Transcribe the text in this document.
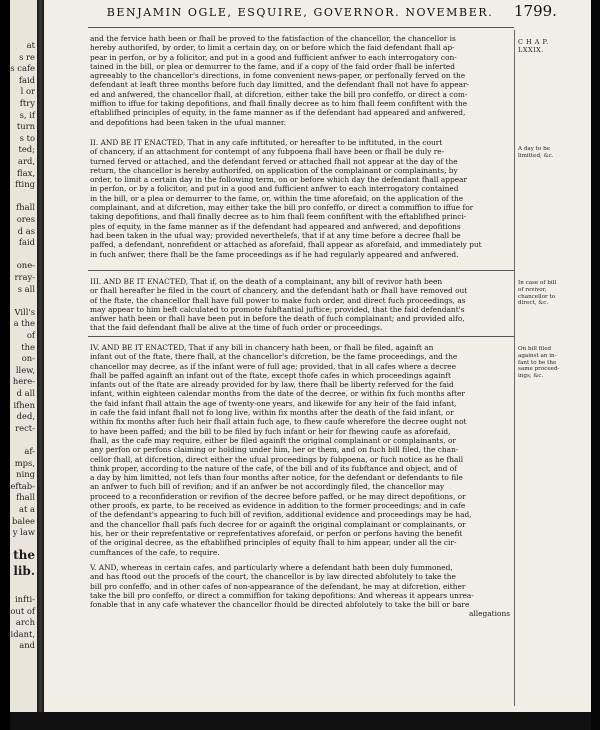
at
s re
s cafe
faid
l or
ftry
s, if
turn
s to
ted;
ard,
flax,
fting
fhall
ores
d as
faid
one-
rray-
s all
Vill's
a the
of
the
on-
llew,
here-
d all
ifhen
ded,
rect-
af-
mps,
ning
eftab-
fhall
at a
balee
y law
the
lib.
infti-
out of
arch
idant,
and
BENJAMIN OGLE, ESQUIRE, GOVERNOR. NOVEMBER.	1799.
and the fervice hath been or fhall be proved to the fatisfaction of the chancellor, the chancellor is
hereby authorifed, by order, to limit a certain day, on or before which the faid defendant fhall ap-
pear in perfon, or by a folicitor, and put in a good and fufficient anfwer to each interrogatory con-
tained in the bill, or plea or demurrer to the fame, and if a copy of the faid order fhall be inferted
agreeably to the chancellor's directions, in fome convenient news-paper, or perfonally ferved on the
defendant at leaft three months before fuch day limitted, and the defendant fhall not have fo appear-
ed and anfwered, the chancellor fhall, at difcretion, either take the bill pro confeffo, or direct a com-
miffion to iffue for taking depofitions, and fhall finally decree as to him fhall feem confiftent with the
eftablifhed principles of equity, in the fame manner as if the defendant had appeared and anfwered,
and depofitions had been taken in the ufual manner.
II. AND BE IT ENACTED, That in any cafe inftituted, or hereafter to be inftituted, in the court
of chancery, if an attachment for contempt of any fubpoena fhall have been or fhall be duly re-
turned ferved or attached, and the defendant ferved or attached fhall not appear at the day of the
return, the chancellor is hereby authorifed, on application of the complainant or complainants, by
order, to limit a certain day in the following term, on or before which day the defendant fhall appear
in perfon, or by a folicitor, and put in a good and fufficient anfwer to each interrogatory contained
in the bill, or a plea or demurrer to the fame, or, within the time aforefaid, on the application of the
complainant, and at difcretion, may either take the bill pro confeffo, or direct a commiffion to iffue for
taking depofitions, and fhall finally decree as to him fhall feem confiftent with the eftablifhed princi-
ples of equity, in the fame manner as if the defendant had appeared and anfwered, and depofitions
had been taken in the ufual way; provided neverthelefs, that if at any time before a decree fhall be
paffed, a defendant, nonrefident or attached as aforefaid, fhall appear as aforefaid, and immediately put
in fuch anfwer, there fhall be the fame proceedings as if he had regularly appeared and anfwered.
III. AND BE IT ENACTED, That if, on the death of a complainant, any bill of revivor hath been
or fhall hereafter be filed in the court of chancery, and the defendant hath or fhall have removed out
of the ftate, the chancellor fhall have full power to make fuch order, and direct fuch proceedings, as
may appear to him beft calculated to promote fubftantial juftice; provided, that the faid defendant's
anfwer hath been or fhall have been put in before the death of fuch complainant; and provided alfo,
that the faid defendant fhall be alive at the time of fuch order or proceedings.
IV. AND BE IT ENACTED, That if any bill in chancery hath been, or fhall be filed, againft an
infant out of the ftate, there fhall, at the chancellor's difcretion, be the fame proceedings, and the
chancellor may decree, as if the infant were of full age; provided, that in all cafes where a decree
fhall be paffed againft an infant out of the ftate, except thofe cafes in which proceedings againft
infants out of the ftate are already provided for by law, there fhall be liberty referved for the faid
infant, within eighteen calendar months from the date of the decree, or within fix fuch months after
the faid infant fhall attain the age of twenty-one years, and likewife for any heir of the faid infant,
in cafe the faid infant fhall not fo long live, within fix months after the death of the faid infant, or
within fix months after fuch heir fhall attain fuch age, to fhew caufe wherefore the decree ought not
to have been paffed; and the bill to be filed by fuch infant or heir for fhewing caufe as aforefaid,
fhall, as the cafe may require, either be filed againft the original complainant or complainants, or
any perfon or perfons claiming or holding under him, her or them, and on fuch bill filed, the chan-
cellor fhall, at difcretion, direct either the ufual proceedings by fubpoena, or fuch notice as he fhall
think proper, according to the nature of the cafe, of the bill and of its fubftance and object, and of
a day by him limitted, not lefs than four months after notice, for the defendant or defendants to file
an anfwer to fuch bill of revifion; and if an anfwer be not accordingly filed, the chancellor may
proceed to a reconfideration or revifion of the decree before paffed, or he may direct depofitions, or
other proofs, ex parte, to be received as evidence in addition to the former proceedings; and in cafe
of the defendant's appearing to fuch bill of revifion, additional evidence and proceedings may be had,
and the chancellor fhall pafs fuch decree for or againft the original complainant or complainants, or
his, her or their reprefentative or reprefentatives aforefaid, or perfon or perfons having the benefit
of the original decree, as the eftablifhed principles of equity fhall to him appear, under all the cir-
cumftances of the cafe, to require.
V. AND, whereas in certain cafes, and particularly where a defendant hath been duly fummoned,
and has ftood out the procefs of the court, the chancellor is by law directed abfolutely to take the
bill pro confeffo, and in other cafes of non-appearance of the defendant, he may at difcretion, either
take the bill pro confeffo, or direct a commiffion for taking depofitions: And whereas it appears unrea-
fonable that in any cafe whatever the chancellor fhould be directed abfolutely to take the bill or bare
allegations
C H A P.
LXXIX.
A day to be
limitted, &c.
In case of bill
of revivor,
chancellor to
direct, &c.
On bill filed
against an in-
fant to be the
same proceed-
ings, &c.
